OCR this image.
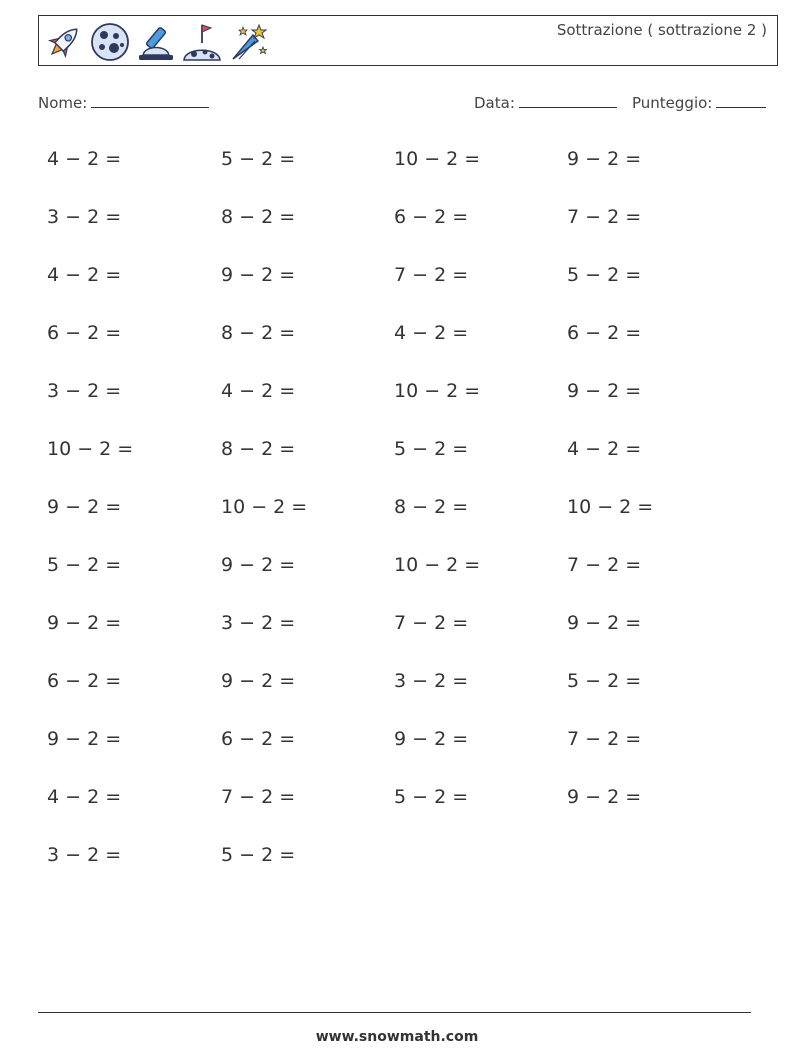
Sottrazione ( sottrazione 2 )
Nome:	Data:	Punteggio:
4 − 2 =	5 − 2 =	10 − 2 =	9 − 2 =
3 − 2 =	8 − 2 =	6 − 2 =	7 − 2 =
4 − 2 =	9 − 2 =	7 − 2 =	5 − 2 =
6 − 2 =	8 − 2 =	4 − 2 =	6 − 2 =
3 − 2 =	4 − 2 =	10 − 2 =	9 − 2 =
10 − 2 =	8 − 2 =	5 − 2 =	4 − 2 =
9 − 2 =	10 − 2 =	8 − 2 =	10 − 2 =
5 − 2 =	9 − 2 =	10 − 2 =	7 − 2 =
9 − 2 =	3 − 2 =	7 − 2 =	9 − 2 =
6 − 2 =	9 − 2 =	3 − 2 =	5 − 2 =
9 − 2 =	6 − 2 =	9 − 2 =	7 − 2 =
4 − 2 =	7 − 2 =	5 − 2 =	9 − 2 =
3 − 2 =	5 − 2 =
www.snowmath.com
